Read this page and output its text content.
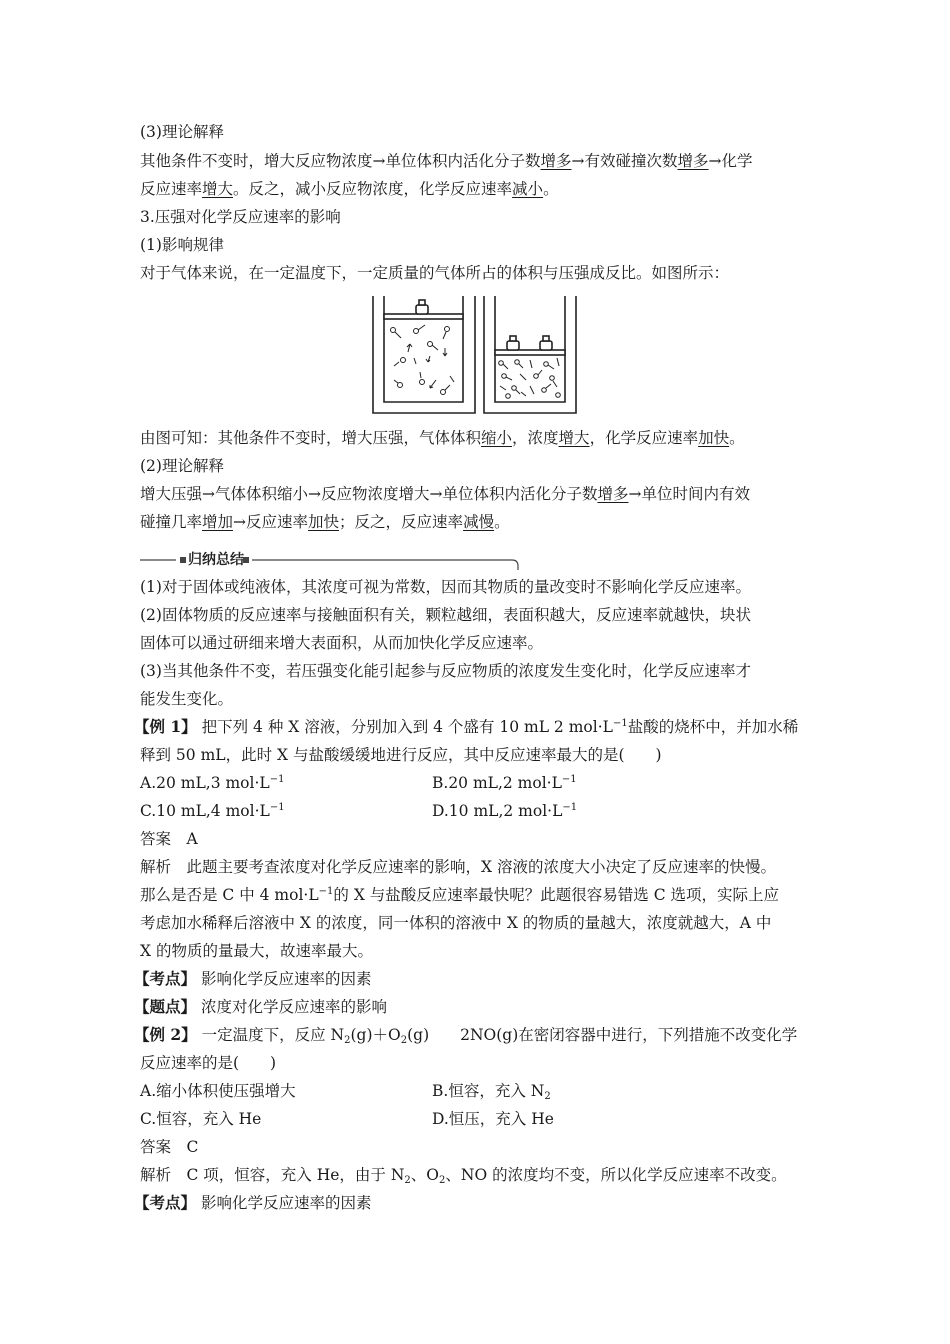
(3)理论解释
其他条件不变时，增大反应物浓度→单位体积内活化分子数增多→有效碰撞次数增多→化学
反应速率增大。反之，减小反应物浓度，化学反应速率减小。
3.压强对化学反应速率的影响
(1)影响规律
对于气体来说，在一定温度下，一定质量的气体所占的体积与压强成反比。如图所示：
由图可知：其他条件不变时，增大压强，气体体积缩小，浓度增大，化学反应速率加快。
(2)理论解释
增大压强→气体体积缩小→反应物浓度增大→单位体积内活化分子数增多→单位时间内有效
碰撞几率增加→反应速率加快；反之，反应速率减慢。
归纳总结
(1)对于固体或纯液体，其浓度可视为常数，因而其物质的量改变时不影响化学反应速率。
(2)固体物质的反应速率与接触面积有关，颗粒越细，表面积越大，反应速率就越快，块状
固体可以通过研细来增大表面积，从而加快化学反应速率。
(3)当其他条件不变，若压强变化能引起参与反应物质的浓度发生变化时，化学反应速率才
能发生变化。
【例 1】 把下列 4 种 X 溶液，分别加入到 4 个盛有 10 mL 2 $mol\cdot L^{-1}$盐酸的烧杯中，并加水稀
释到 50 mL，此时 X 与盐酸缓缓地进行反应，其中反应速率最大的是(　　)
A.20 mL,3 $mol\cdot L^{-1}$	B.20 mL,2 $mol\cdot L^{-1}$
C.10 mL,4 $mol\cdot L^{-1}$	D.10 mL,2 $mol\cdot L^{-1}$
答案　A
解析　此题主要考查浓度对化学反应速率的影响，X 溶液的浓度大小决定了反应速率的快慢。
那么是否是 C 中 4 $mol\cdot L^{-1}$的 X 与盐酸反应速率最快呢？此题很容易错选 C 选项，实际上应
考虑加水稀释后溶液中 X 的浓度，同一体积的溶液中 X 的物质的量越大，浓度就越大，A 中
X 的物质的量最大，故速率最大。
【考点】 影响化学反应速率的因素
【题点】 浓度对化学反应速率的影响
【例 2】 一定温度下，反应 $N_2(g)+O_2(g)$　　2NO(g)在密闭容器中进行，下列措施不改变化学
反应速率的是(　　)
A.缩小体积使压强增大	B.恒容，充入 $N_2$
C.恒容，充入 He	D.恒压，充入 He
答案　C
解析　C 项，恒容，充入 He，由于 $N_2$、$O_2$、NO 的浓度均不变，所以化学反应速率不改变。
【考点】 影响化学反应速率的因素
